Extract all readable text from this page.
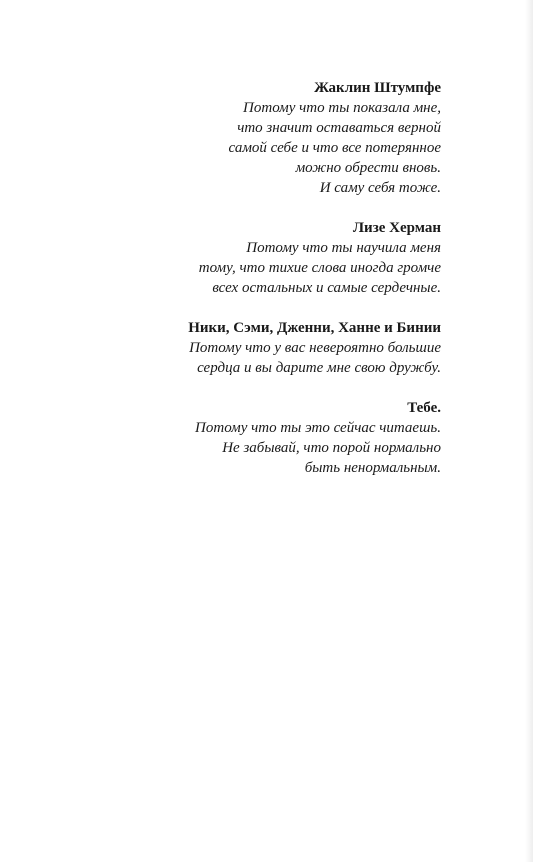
Жаклин Штумпфе

Потому что ты показала мне,

что значит оставаться верной

самой себе и что все потерянное

можно обрести вновь.

И саму себя тоже.

Лизе Херман

Потому что ты научила меня

тому, что тихие слова иногда громче

всех остальных и самые сердечные.

Ники, Сэми, Дженни, Ханне и Бинии

Потому что у вас невероятно большие

сердца и вы дарите мне свою дружбу.

Тебе.

Потому что ты это сейчас читаешь.

Не забывай, что порой нормально

быть ненормальным.
